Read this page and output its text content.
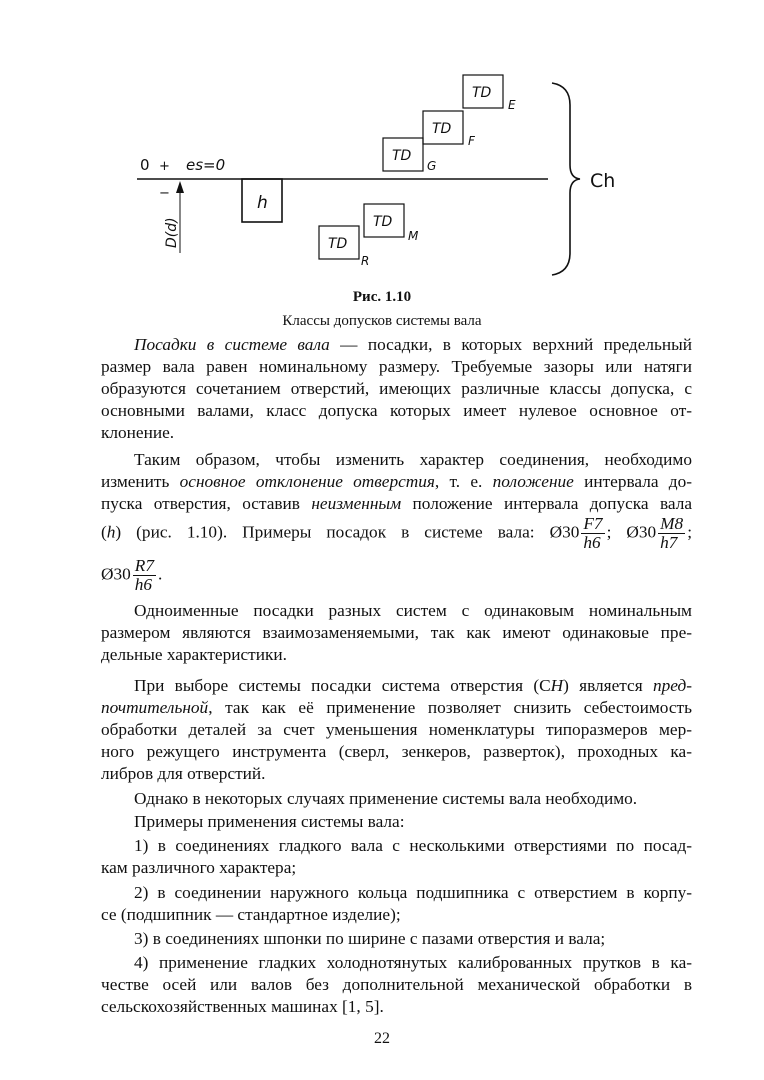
0 +
−
es=0
D(d)
h
TD
E
TD
F
TD
G
TD
M
TD
R
Ch
Рис. 1.10
Классы допусков системы вала
Посадки в системе вала — посадки, в которых верхний предельный
размер вала равен номинальному размеру. Требуемые зазоры или натяги
образуются сочетанием отверстий, имеющих различные классы допуска, с
основными валами, класс допуска которых имеет нулевое основное от-
клонение.
Таким образом, чтобы изменить характер соединения, необходимо
изменить основное отклонение отверстия, т. е. положение интервала до-
пуска отверстия, оставив неизменным положение интервала допуска вала
(h) (рис. 1.10). Примеры посадок в системе вала: Ø30 $\frac{F7}{h6}$ ; Ø30 $\frac{M8}{h7}$ ;
Ø30 $\frac{R7}{h6}$ .
Одноименные посадки разных систем с одинаковым номинальным
размером являются взаимозаменяемыми, так как имеют одинаковые пре-
дельные характеристики.
При выборе системы посадки система отверстия (СН) является пред-
почтительной, так как её применение позволяет снизить себестоимость
обработки деталей за счет уменьшения номенклатуры типоразмеров мер-
ного режущего инструмента (сверл, зенкеров, разверток), проходных ка-
либров для отверстий.
Однако в некоторых случаях применение системы вала необходимо.
Примеры применения системы вала:
1) в соединениях гладкого вала с несколькими отверстиями по посад-
кам различного характера;
2) в соединении наружного кольца подшипника с отверстием в корпу-
се (подшипник — стандартное изделие);
3) в соединениях шпонки по ширине с пазами отверстия и вала;
4) применение гладких холоднотянутых калиброванных прутков в ка-
честве осей или валов без дополнительной механической обработки в
сельскохозяйственных машинах [1, 5].
22
